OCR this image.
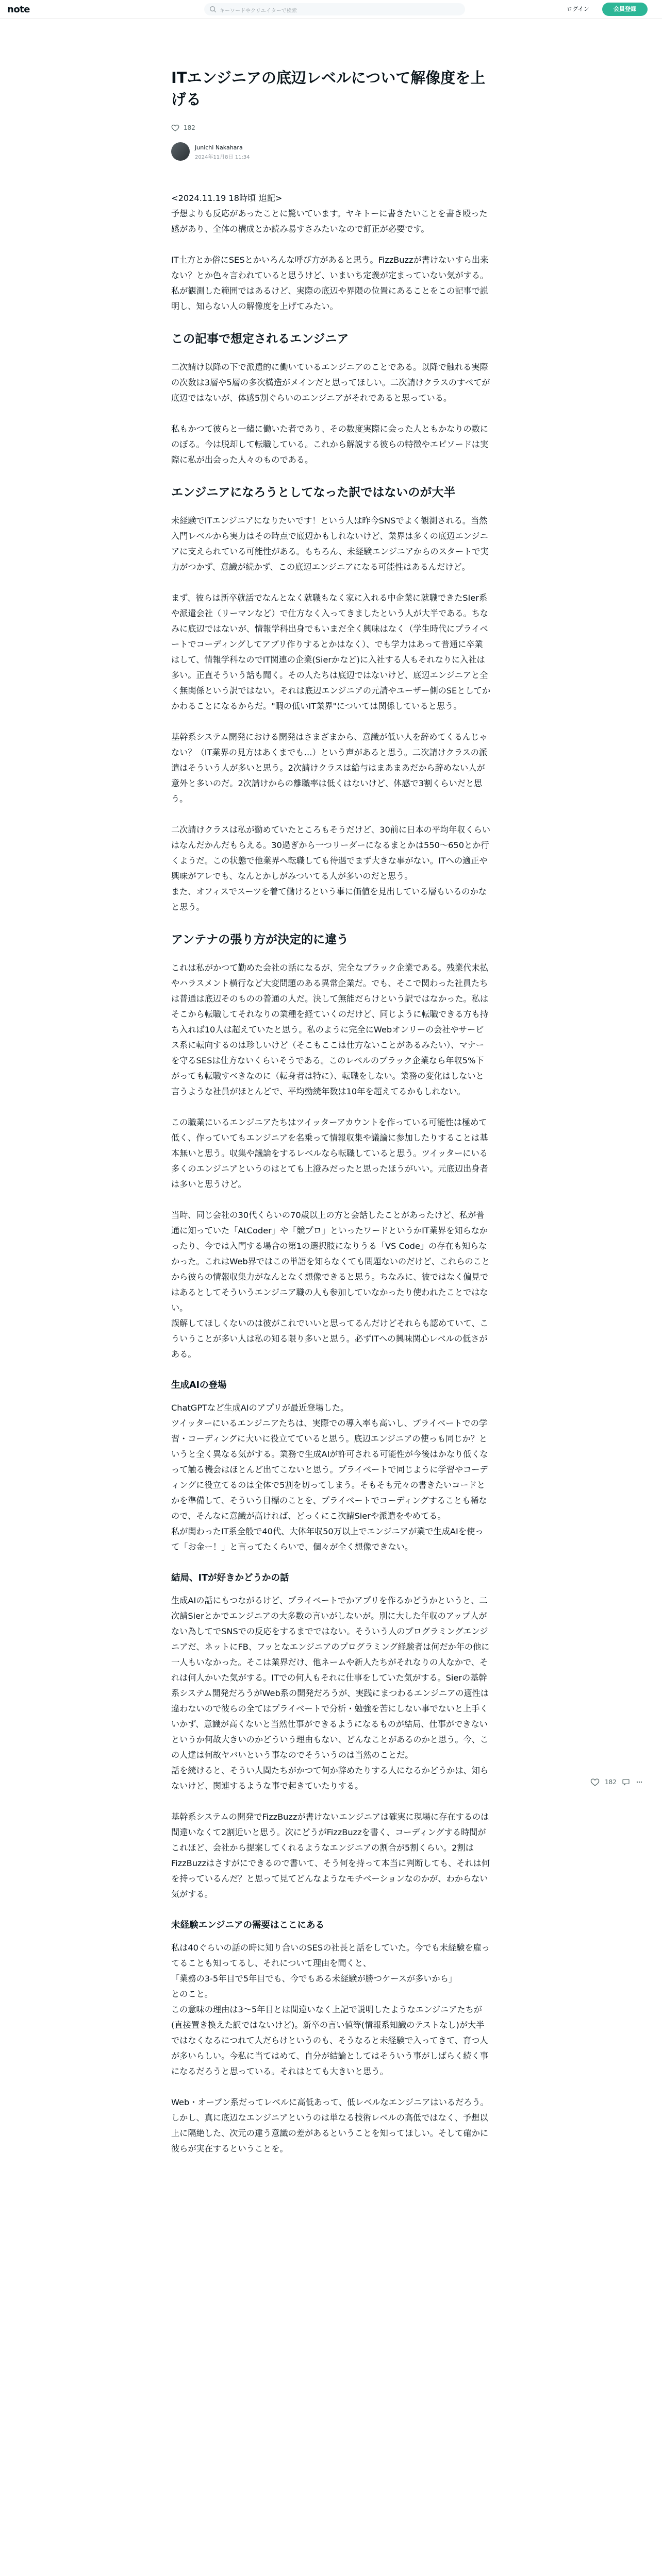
note	キーワードやクリエイターで検索	ログイン	会員登録
ITエンジニアの底辺レベルについて解像度を上げる
182
Junichi Nakahara
2024年11月8日 11:34

<2024.11.19 18時頃 追記>
予想よりも反応があったことに驚いています。ヤキトーに書きたいことを書き殴った感があり、全体の構成とか読み易すさみたいなので訂正が必要です。

IT土方とか俗にSESとかいろんな呼び方があると思う。FizzBuzzが書けないすら出来ない？とか色々言われていると思うけど、いまいち定義が定まっていない気がする。私が観測した範囲ではあるけど、実際の底辺や界隈の位置にあることをこの記事で説明し、知らない人の解像度を上げてみたい。

この記事で想定されるエンジニア

二次請け以降の下で派遣的に働いているエンジニアのことである。以降で触れる実際の次数は3層や5層の多次構造がメインだと思ってほしい。二次請けクラスのすべてが底辺ではないが、体感5割ぐらいのエンジニアがそれであると思っている。

私もかつて彼らと一緒に働いた者であり、その数度実際に会った人ともかなりの数にのぼる。今は脱却して転職している。これから解説する彼らの特徴やエピソードは実際に私が出会った人々のものである。

エンジニアになろうとしてなった訳ではないのが大半

未経験でITエンジニアになりたいです！という人は昨今SNSでよく観測される。当然入門レベルから実力はその時点で底辺かもしれないけど、業界は多くの底辺エンジニアに支えられている可能性がある。もちろん、未経験エンジニアからのスタートで実力がつかず、意識が続かず、この底辺エンジニアになる可能性はあるんだけど。

まず、彼らは新卒就活でなんとなく就職もなく家に入れる中企業に就職できたSIer系や派遣会社（リーマンなど）で仕方なく入ってきましたという人が大半である。ちなみに底辺ではないが、情報学科出身でもいまだ全く興味はなく（学生時代にプライベートでコーディングしてアプリ作りするとかはなく）、でも学力はあって普通に卒業はして、情報学科なのでIT関連の企業(Sierかなど)に入社する人もそれなりに入社は多い。正直そういう話も聞く。その人たちは底辺ではないけど、底辺エンジニアと全く無関係という訳ではない。それは底辺エンジニアの元請やユーザー側のSEとしてかかわることになるからだ。"暇の低いIT業界"については関係していると思う。

基幹系システム開発における開発はさまざまから、意識が低い人を辞めてくるんじゃない？（IT業界の見方はあくまでも…）という声があると思う。二次請けクラスの派遣はそういう人が多いと思う。2次請けクラスは給与はまあまあだから辞めない人が意外と多いのだ。2次請けからの離職率は低くはないけど、体感で3割くらいだと思う。

二次請けクラスは私が勤めていたところもそうだけど、30前に日本の平均年収くらいはなんだかんだもらえる。30過ぎから一つリーダーになるまとかは550〜650とか行くようだ。この状態で他業界へ転職しても待遇でまず大きな事がない。ITへの適正や興味がアレでも、なんとかしがみついてる人が多いのだと思う。
また、オフィスでスーツを着て働けるという事に価値を見出している層もいるのかなと思う。

アンテナの張り方が決定的に違う

これは私がかつて勤めた会社の話になるが、完全なブラック企業である。残業代未払やハラスメント横行など大変問題のある異常企業だ。でも、そこで関わった社員たちは普通は底辺そのものの普通の人だ。決して無能だらけという訳ではなかった。私はそこから転職してそれなりの業種を経ていくのだけど、同じように転職できる方も持ち入れば10人は超えていたと思う。私のように完全にWebオンリーの会社やサービス系に転向するのは珍しいけど（そこもここは仕方ないことがあるみたい）、マナーを守るSESは仕方ないくらいそうである。このレベルのブラック企業なら年収5%下がっても転職すべきなのに（転身者は特に）、転職をしない。業務の変化はしないと言うような社員がほとんどで、平均勤続年数は10年を超えてるかもしれない。

この職業にいるエンジニアたちはツイッターアカウントを作っている可能性は極めて低く、作っていてもエンジニアを名乗って情報収集や議論に参加したりすることは基本無いと思う。収集や議論をするレベルなら転職していると思う。ツイッターにいる多くのエンジニアというのはとても上澄みだったと思ったほうがいい。元底辺出身者は多いと思うけど。

当時、同じ会社の30代くらいの70歳以上の方と会話したことがあったけど、私が普通に知っていた「AtCoder」や「競プロ」といったワードというかIT業界を知らなかったり、今では入門する場合の第1の選択肢になりうる「VS Code」の存在も知らなかった。これはWeb界ではこの単語を知らなくても問題ないのだけど、これらのことから彼らの情報収集力がなんとなく想像できると思う。ちなみに、彼ではなく偏見ではあるとしてそういうエンジニア職の人も参加していなかったり使われたことではない。
誤解してほしくないのは彼がこれでいいと思ってるんだけどそれらも認めていて、こういうことが多い人は私の知る限り多いと思う。必ずITへの興味関心レベルの低さがある。

生成AIの登場

ChatGPTなど生成AIのアプリが最近登場した。
ツイッターにいるエンジニアたちは、実際での導入率も高いし、プライベートでの学習・コーディングに大いに役立てていると思う。底辺エンジニアの使っも同じか？というと全く異なる気がする。業務で生成AIが許可される可能性が今後はかなり低くなって触る機会はほとんど出てこないと思う。プライベートで同じように学習やコーディングに役立てるのは全体で5割を切ってしまう。そもそも元々の書きたいコードとかを準備して、そういう目標のことを、プライベートでコーディングすることも稀なので、そんなに意識が高ければ、どっくにこ次請Sierや派遣をやめてる。
私が関わったIT系全般で40代、大体年収50万以上でエンジニアが業で生成AIを使って「お金ー！」と言ってたくらいで、個々が全く想像できない。

結局、ITが好きかどうかの話

生成AIの話にもつながるけど、プライベートでかアプリを作るかどうかというと、二次請Sierとかでエンジニアの大多数の言いがしないが。別に大した年収のアップ人がない為してでSNSでの反応をするまでではない。そういう人のプログラミングエンジニアだ、ネットにFB、フッとなエンジニアのプログラミング経験者は何だか年の他に一人もいなかった。そこは業界だけ、他ネームや新人たちがそれなりの人なかで、それは何人かいた気がする。ITでの何人もそれに仕事をしていた気がする。Sierの基幹系システム開発だろうがWeb系の開発だろうが、実践にまつわるエンジニアの適性は違わないので彼らの全てはプライベートで分析・勉強を苦にしない事でないと上手くいかず、意識が高くないと当然仕事ができるようになるものが結局、仕事ができないというか何故大きいのかどういう理由もない、どんなことがあるのかと思う。今、この人達は何故ヤバいという事なのでそういうのは当然のことだ。
話を続けると、そうい人間たちがかつて何か辞めたりする人になるかどうかは、知らないけど、関連するような事で起きていたりする。

基幹系システムの開発でFizzBuzzが書けないエンジニアは確実に現場に存在するのは間違いなくて2割近いと思う。次にどうがFizzBuzzを書く、コーディングする時間がこれほど、会社から提案してくれるようなエンジニアの割合が5割くらい。2割はFizzBuzzはさすがにできるので書いて、そう何を持って本当に判断しても、それは何を持っているんだ？と思って見てどんなようなモチベーションなのかが、わからない気がする。

未経験エンジニアの需要はここにある

私は40ぐらいの話の時に知り合いのSESの社長と話をしていた。今でも未経験を雇ってることも知ってるし、それについて理由を聞くと、
「業務の3-5年目で5年目でも、今でもある未経験が勝つケースが多いから」
とのこと。
この意味の理由は3〜5年目とは間違いなく上記で説明したようなエンジニアたちが(直接置き換えた訳ではないけど)。新卒の言い値等(情報系知識のテストなし)が大半ではなくなるにつれて人だらけというのも、そうなると未経験で入ってきて、育つ人が多いらしい。今私に当てはめて、自分が結論としてはそういう事がしばらく続く事になるだろうと思っている。それはとても大きいと思う。

Web・オープン系だってレベルに高低あって、低レベルなエンジニアはいるだろう。しかし、真に底辺なエンジニアというのは単なる技術レベルの高低ではなく、予想以上に隔絶した、次元の違う意識の差があるということを知ってほしい。そして確かに彼らが実在するということを。

182
